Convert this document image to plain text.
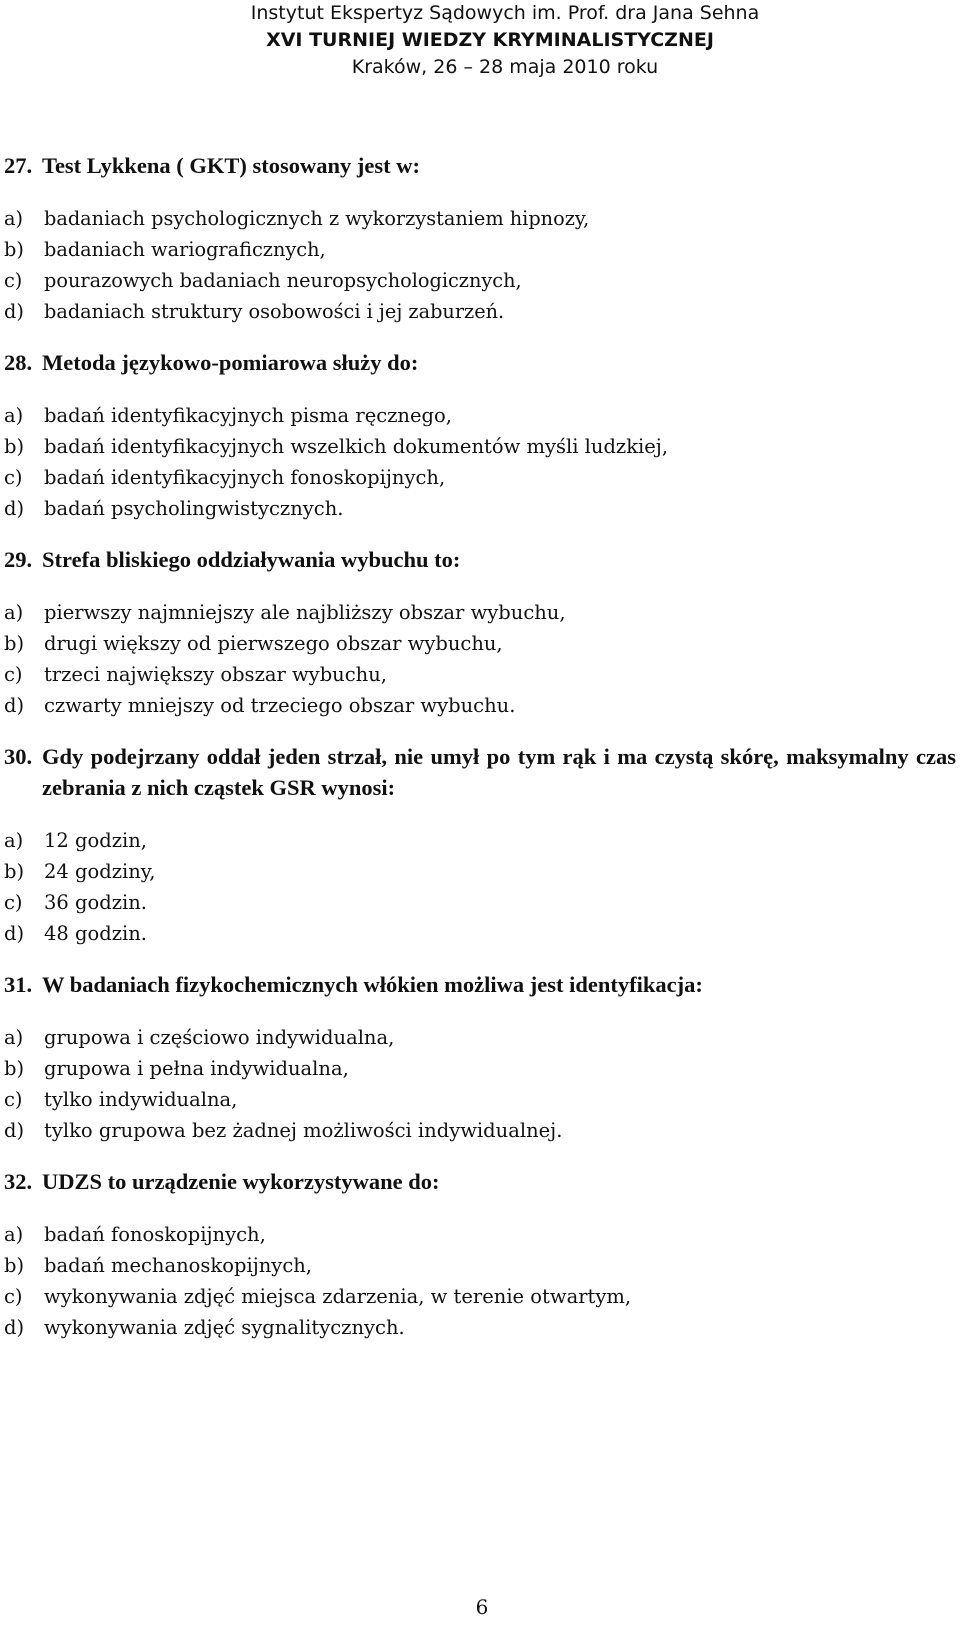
Instytut Ekspertyz Sądowych im. Prof. dra Jana Sehna
XVI TURNIEJ WIEDZY KRYMINALISTYCZNEJ
Kraków, 26 – 28 maja 2010 roku
27. Test Lykkena ( GKT) stosowany jest w:
a)	badaniach psychologicznych z wykorzystaniem hipnozy,
b)	badaniach wariograficznych,
c)	pourazowych badaniach neuropsychologicznych,
d)	badaniach struktury osobowości i jej zaburzeń.
28. Metoda językowo-pomiarowa służy do:
a)	badań identyfikacyjnych pisma ręcznego,
b)	badań identyfikacyjnych wszelkich dokumentów myśli ludzkiej,
c)	badań identyfikacyjnych fonoskopijnych,
d)	badań psycholingwistycznych.
29. Strefa bliskiego oddziaływania wybuchu to:
a)	pierwszy najmniejszy ale najbliższy obszar wybuchu,
b)	drugi większy od pierwszego obszar wybuchu,
c)	trzeci największy obszar wybuchu,
d)	czwarty mniejszy od trzeciego obszar wybuchu.
30. Gdy podejrzany oddał jeden strzał, nie umył po tym rąk i ma czystą skórę, maksymalny czas zebrania z nich cząstek GSR wynosi:
a)	12 godzin,
b)	24 godziny,
c)	36 godzin.
d)	48 godzin.
31. W badaniach fizykochemicznych włókien możliwa jest identyfikacja:
a)	grupowa i częściowo indywidualna,
b)	grupowa i pełna indywidualna,
c)	tylko indywidualna,
d)	tylko grupowa bez żadnej możliwości indywidualnej.
32. UDZS to urządzenie wykorzystywane do:
a)	badań fonoskopijnych,
b)	badań mechanoskopijnych,
c)	wykonywania zdjęć miejsca zdarzenia, w terenie otwartym,
d)	wykonywania zdjęć sygnalitycznych.
6
